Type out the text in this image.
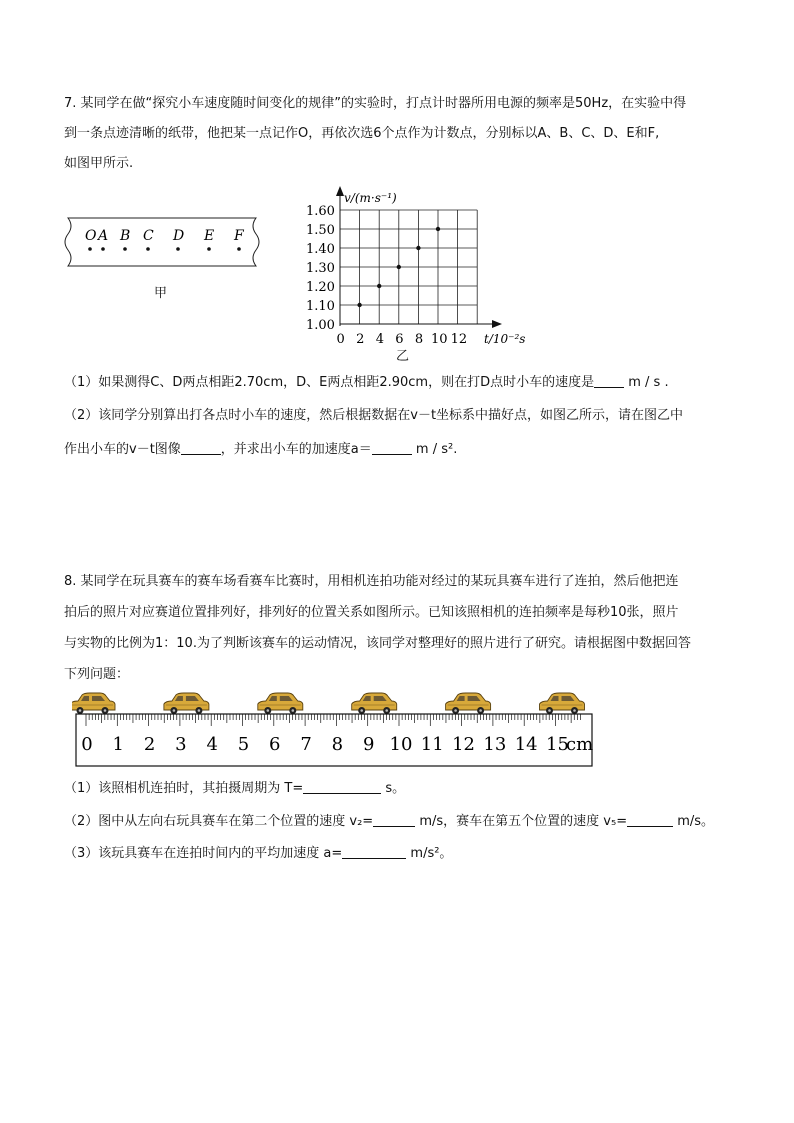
7. 某同学在做“探究小车速度随时间变化的规律”的实验时，打点计时器所用电源的频率是50Hz，在实验中得

到一条点迹清晰的纸带，他把某一点记作O，再依次选6个点作为计数点，分别标以A、B、C、D、E和F,

如图甲所示.

O A B C D E F
甲
v/(m·s⁻¹)
t/10⁻²s
1.60
1.50
1.40
1.30
1.20
1.10
1.00
0 2 4 6 8 10 12
乙

（1）如果测得C、D两点相距2.70cm，D、E两点相距2.90cm，则在打D点时小车的速度是	m / s .

（2）该同学分别算出打各点时小车的速度，然后根据数据在v－t坐标系中描好点，如图乙所示，请在图乙中

作出小车的v－t图像	，并求出小车的加速度a＝	m / s².

8. 某同学在玩具赛车的赛车场看赛车比赛时，用相机连拍功能对经过的某玩具赛车进行了连拍，然后他把连

拍后的照片对应赛道位置排列好，排列好的位置关系如图所示。已知该照相机的连拍频率是每秒10张，照片

与实物的比例为1：10.为了判断该赛车的运动情况，该同学对整理好的照片进行了研究。请根据图中数据回答

下列问题：

0 1 2 3 4 5 6 7 8 9 10 11 12 13 14 15
cm

（1）该照相机连拍时，其拍摄周期为 T=	s。

（2）图中从左向右玩具赛车在第二个位置的速度 v₂=	m/s，赛车在第五个位置的速度 v₅=	m/s。

（3）该玩具赛车在连拍时间内的平均加速度 a=	m/s²。
